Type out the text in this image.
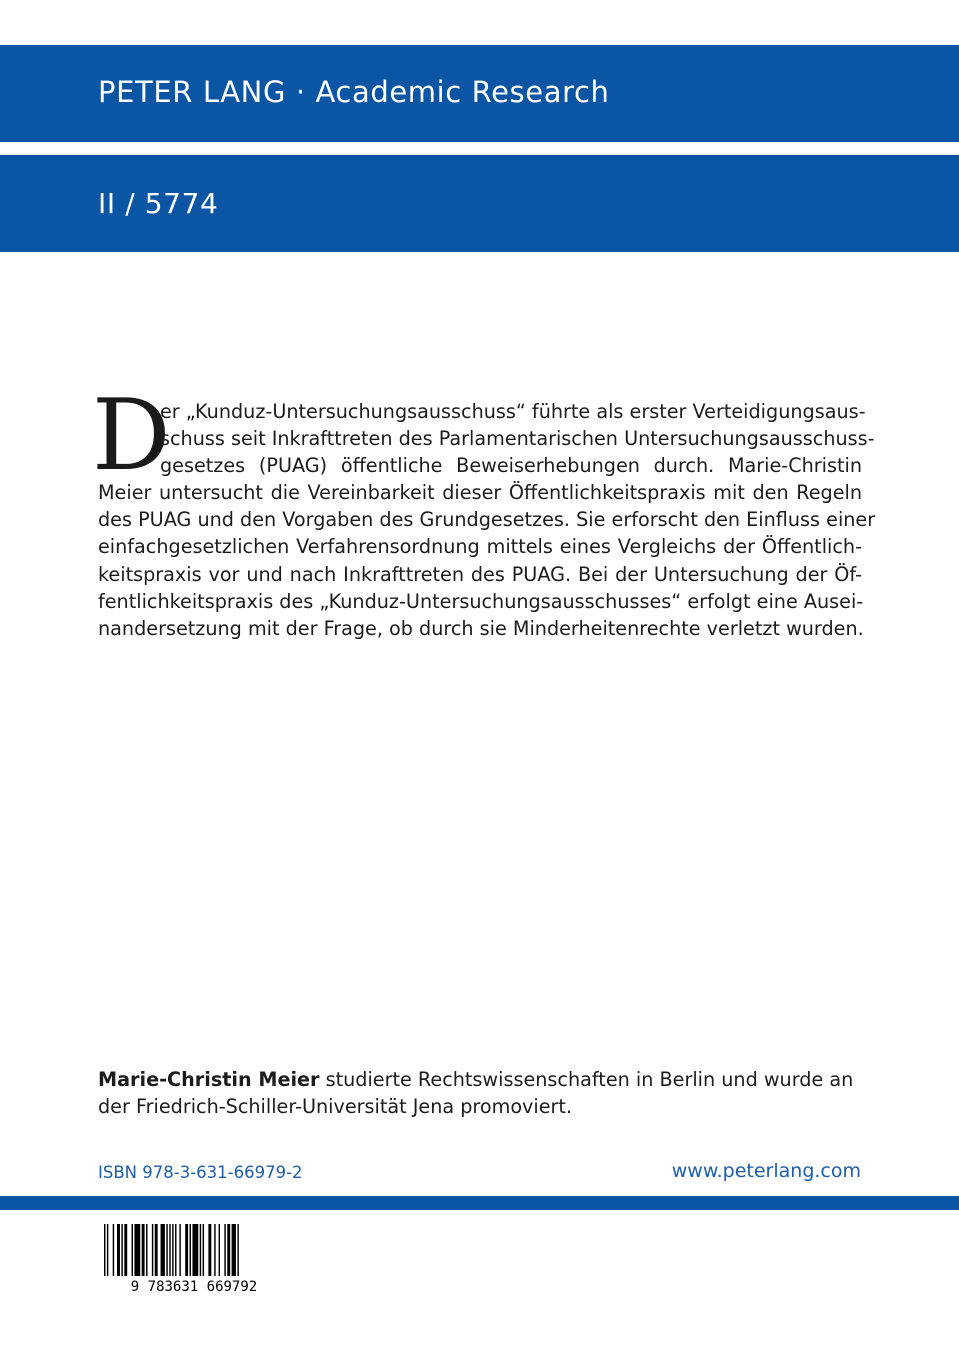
PETER LANG · Academic Research
II / 5774
D
er „Kunduz-Untersuchungsausschuss“ führte als erster Verteidigungsaus-
schuss seit Inkrafttreten des Parlamentarischen Untersuchungsausschuss-
gesetzes (PUAG) öffentliche Beweiserhebungen durch. Marie-Christin
Meier untersucht die Vereinbarkeit dieser Öffentlichkeitspraxis mit den Regeln
des PUAG und den Vorgaben des Grundgesetzes. Sie erforscht den Einfluss einer
einfachgesetzlichen Verfahrensordnung mittels eines Vergleichs der Öffentlich-
keitspraxis vor und nach Inkrafttreten des PUAG. Bei der Untersuchung der Öf-
fentlichkeitspraxis des „Kunduz-Untersuchungsausschusses“ erfolgt eine Ausei-
nandersetzung mit der Frage, ob durch sie Minderheitenrechte verletzt wurden.
Marie-Christin Meier studierte Rechtswissenschaften in Berlin und wurde an der Friedrich-Schiller-Universität Jena promoviert.
ISBN 978-3-631-66979-2	www.peterlang.com
9 783631 669792
